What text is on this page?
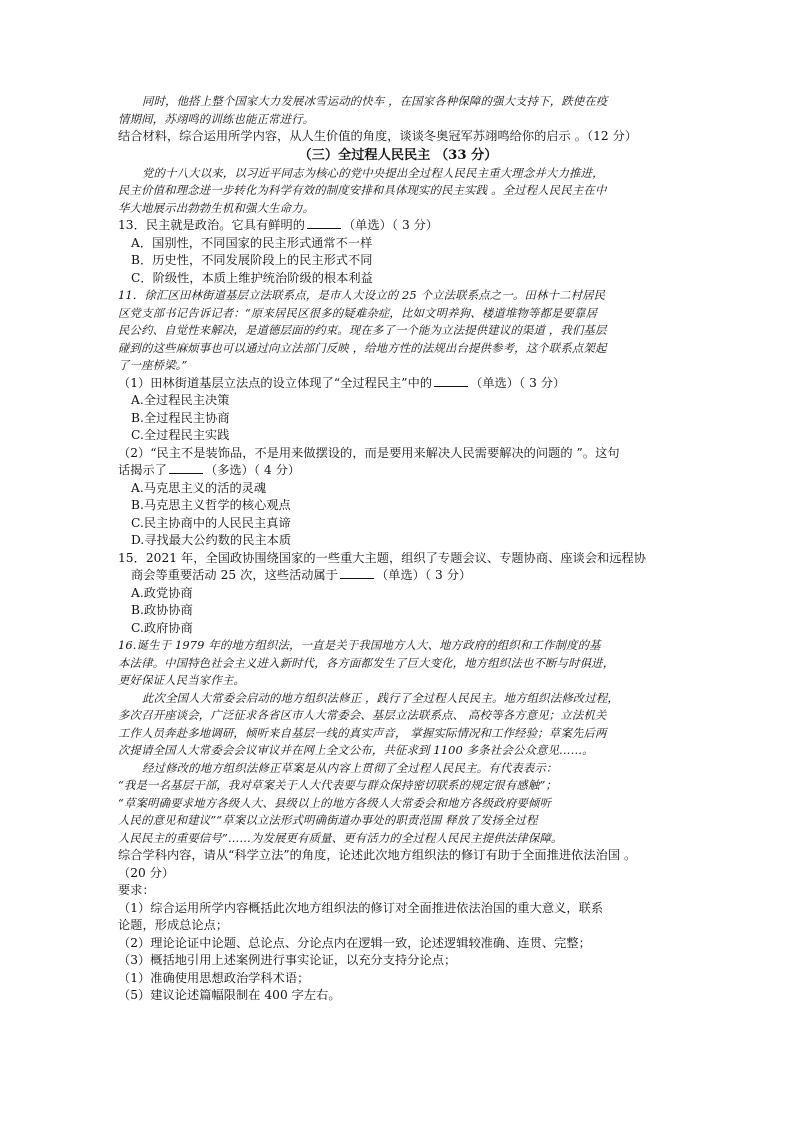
同时，他搭上整个国家大力发展冰雪运动的快车 ，在国家各种保障的强大支持下，跌使在疫
情期间，苏翊鸣的训练也能正常进行。
结合材料，综合运用所学内容，从人生价值的角度，谈谈冬奥冠军苏翊鸣给你的启示 。（12 分）
（三）全过程人民民主 （33 分）
党的十八大以来，以习近平同志为核心的党中央提出全过程人民民主重大理念并大力推进，
民主价值和理念进一步转化为科学有效的制度安排和具体现实的民主实践 。全过程人民民主在中
华大地展示出勃勃生机和强大生命力。
13．民主就是政治。它具有鲜明的	（单选）（ 3 分）
A．国别性，不同国家的民主形式通常不一样
B．历史性，不同发展阶段上的民主形式不同
C．阶级性，本质上维护统治阶级的根本利益
11．徐汇区田林街道基层立法联系点，是市人大设立的 25 个立法联系点之一。田林十二村居民
区党支部书记告诉记者：“原来居民区很多的疑难杂症，比如文明养狗、楼道堆物等都是要靠居
民公约、自觉性来解决，是道德层面的约束。现在多了一个能为立法提供建议的渠道 ，我们基层
碰到的这些麻烦事也可以通过向立法部门反映 ，给地方性的法规出台提供参考，这个联系点架起
了一座桥梁。”
（1）田林街道基层立法点的设立体现了“全过程民主”中的	（单选）（ 3 分）
A.全过程民主决策
B.全过程民主协商
C.全过程民主实践
（2）“民主不是装饰品，不是用来做摆设的，而是要用来解决人民需要解决的问题的 ”。这句
话揭示了	（多选）（ 4 分）
A.马克思主义的活的灵魂
B.马克思主义哲学的核心观点
C.民主协商中的人民民主真谛
D.寻找最大公约数的民主本质
15．2021 年，全国政协围绕国家的一些重大主题，组织了专题会议、专题协商、座谈会和远程协
商会等重要活动 25 次，这些活动属于	（单选）（ 3 分）
A.政党协商
B.政协协商
C.政府协商
16.诞生于 1979 年的地方组织法，一直是关于我国地方人大、地方政府的组织和工作制度的基
本法律。中国特色社会主义进入新时代，各方面都发生了巨大变化，地方组织法也不断与时俱进，
更好保证人民当家作主。
此次全国人大常委会启动的地方组织法修正 ，践行了全过程人民民主。地方组织法修改过程，
多次召开座谈会，广泛征求各省区市人大常委会、基层立法联系点、 高校等各方意见；立法机关
工作人员奔赴多地调研，倾听来自基层一线的真实声音， 掌握实际情况和工作经验；草案先后两
次提请全国人大常委会会议审议并在网上全文公布，共征求到 1100 多条社会公众意见……。
经过修改的地方组织法修正草案是从内容上贯彻了全过程人民民主。有代表表示：
“我是一名基层干部，我对草案关于人大代表要与群众保持密切联系的规定很有感触”；
“草案明确要求地方各级人大、县级以上的地方各级人大常委会和地方各级政府要倾听
人民的意见和建议”“草案以立法形式明确街道办事处的职责范围 释放了发扬全过程
人民民主的重要信号”……为发展更有质量、更有活力的全过程人民民主提供法律保障。
综合学科内容，请从“科学立法”的角度，论述此次地方组织法的修订有助于全面推进依法治国 。
（20 分）
要求：
（1）综合运用所学内容概括此次地方组织法的修订对全面推进依法治国的重大意义，联系
论题，形成总论点；
（2）理论论证中论题、总论点、分论点内在逻辑一致，论述逻辑较准确、连贯、完整；
（3）概括地引用上述案例进行事实论证，以充分支持分论点；
（1）准确使用思想政治学科术语；
（5）建议论述篇幅限制在 400 字左右。
